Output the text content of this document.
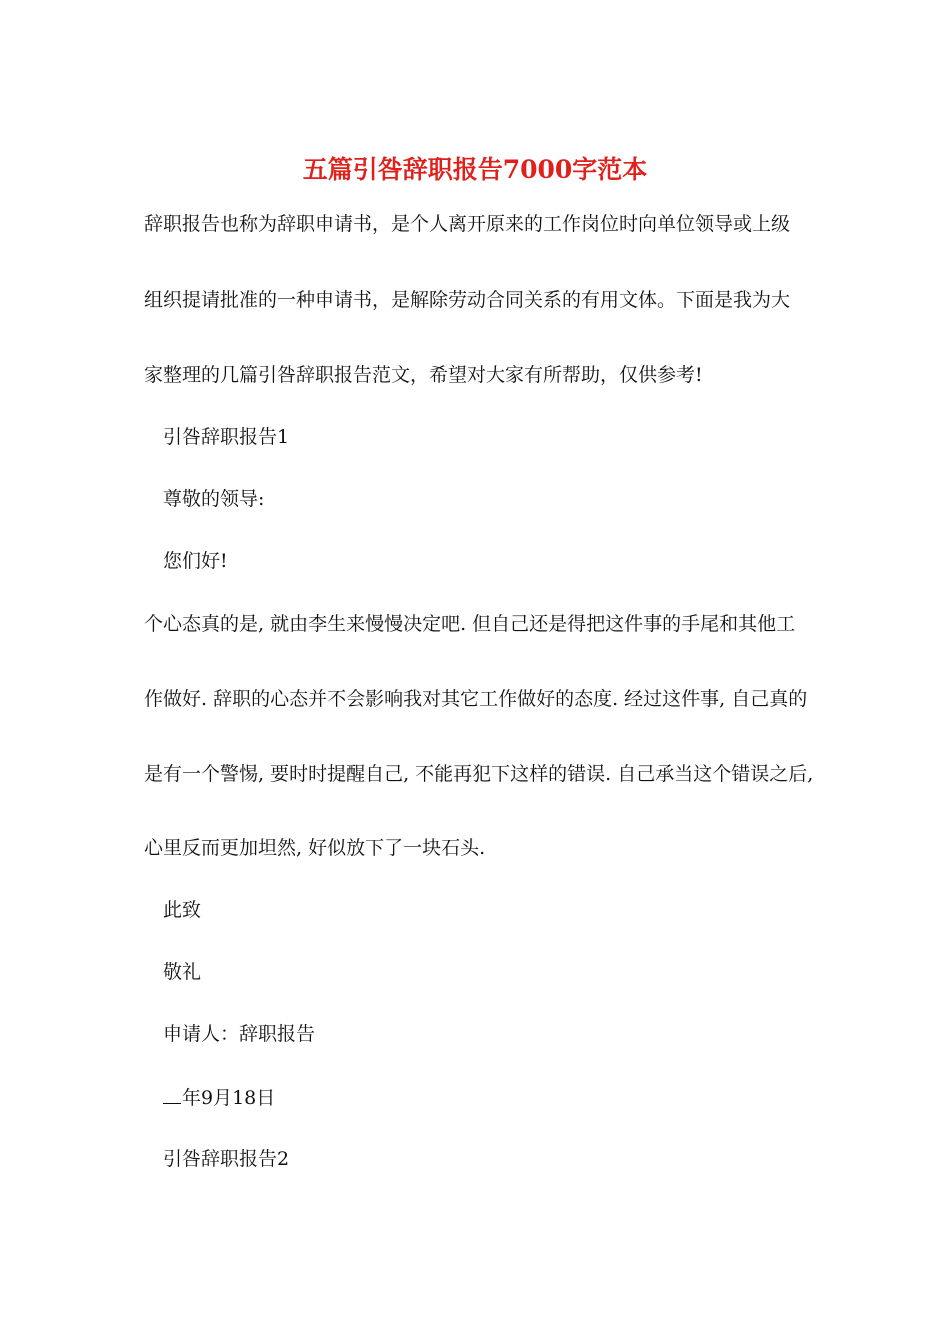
五篇引咎辞职报告7000字范本
辞职报告也称为辞职申请书，是个人离开原来的工作岗位时向单位领导或上级
组织提请批准的一种申请书，是解除劳动合同关系的有用文体。下面是我为大
家整理的几篇引咎辞职报告范文，希望对大家有所帮助，仅供参考!
引咎辞职报告1
尊敬的领导:
您们好!
个心态真的是, 就由李生来慢慢决定吧. 但自己还是得把这件事的手尾和其他工
作做好. 辞职的心态并不会影响我对其它工作做好的态度. 经过这件事, 自己真的
是有一个警惕, 要时时提醒自己, 不能再犯下这样的错误. 自己承当这个错误之后,
心里反而更加坦然, 好似放下了一块石头.
此致
敬礼
申请人：辞职报告
年9月18日
引咎辞职报告2
